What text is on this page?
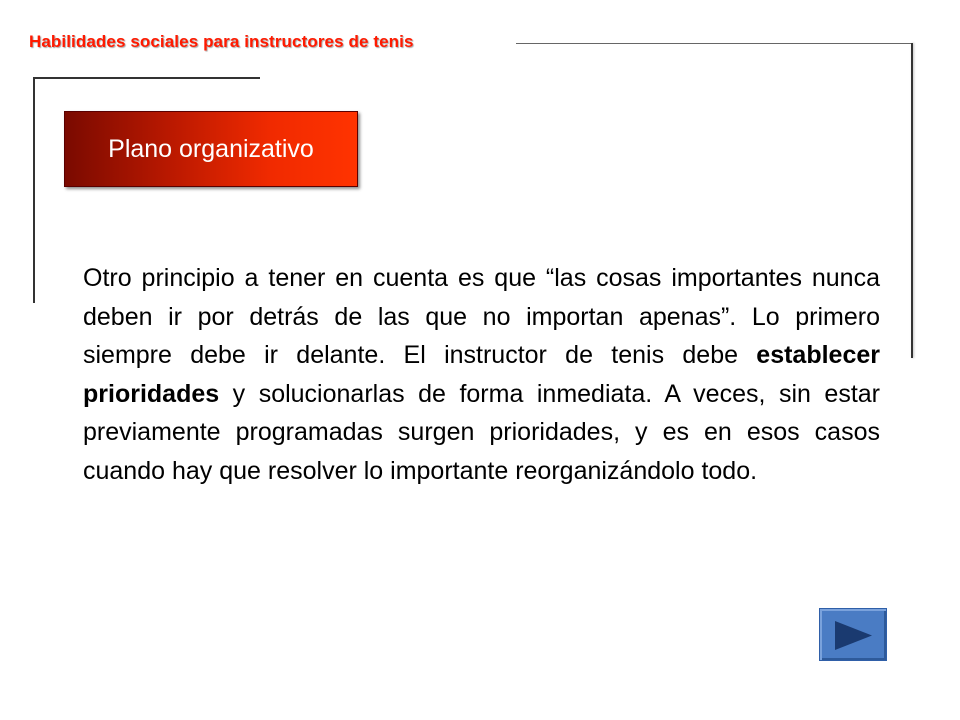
Habilidades sociales para instructores de tenis
Plano organizativo
Otro principio a tener en cuenta es que “las cosas importantes nunca deben ir por detrás de las que no importan apenas”. Lo primero siempre debe ir delante. El instructor de tenis debe establecer prioridades y solucionarlas de forma inmediata. A veces, sin estar previamente programadas surgen prioridades, y es en esos casos cuando hay que resolver lo importante reorganizándolo todo.
